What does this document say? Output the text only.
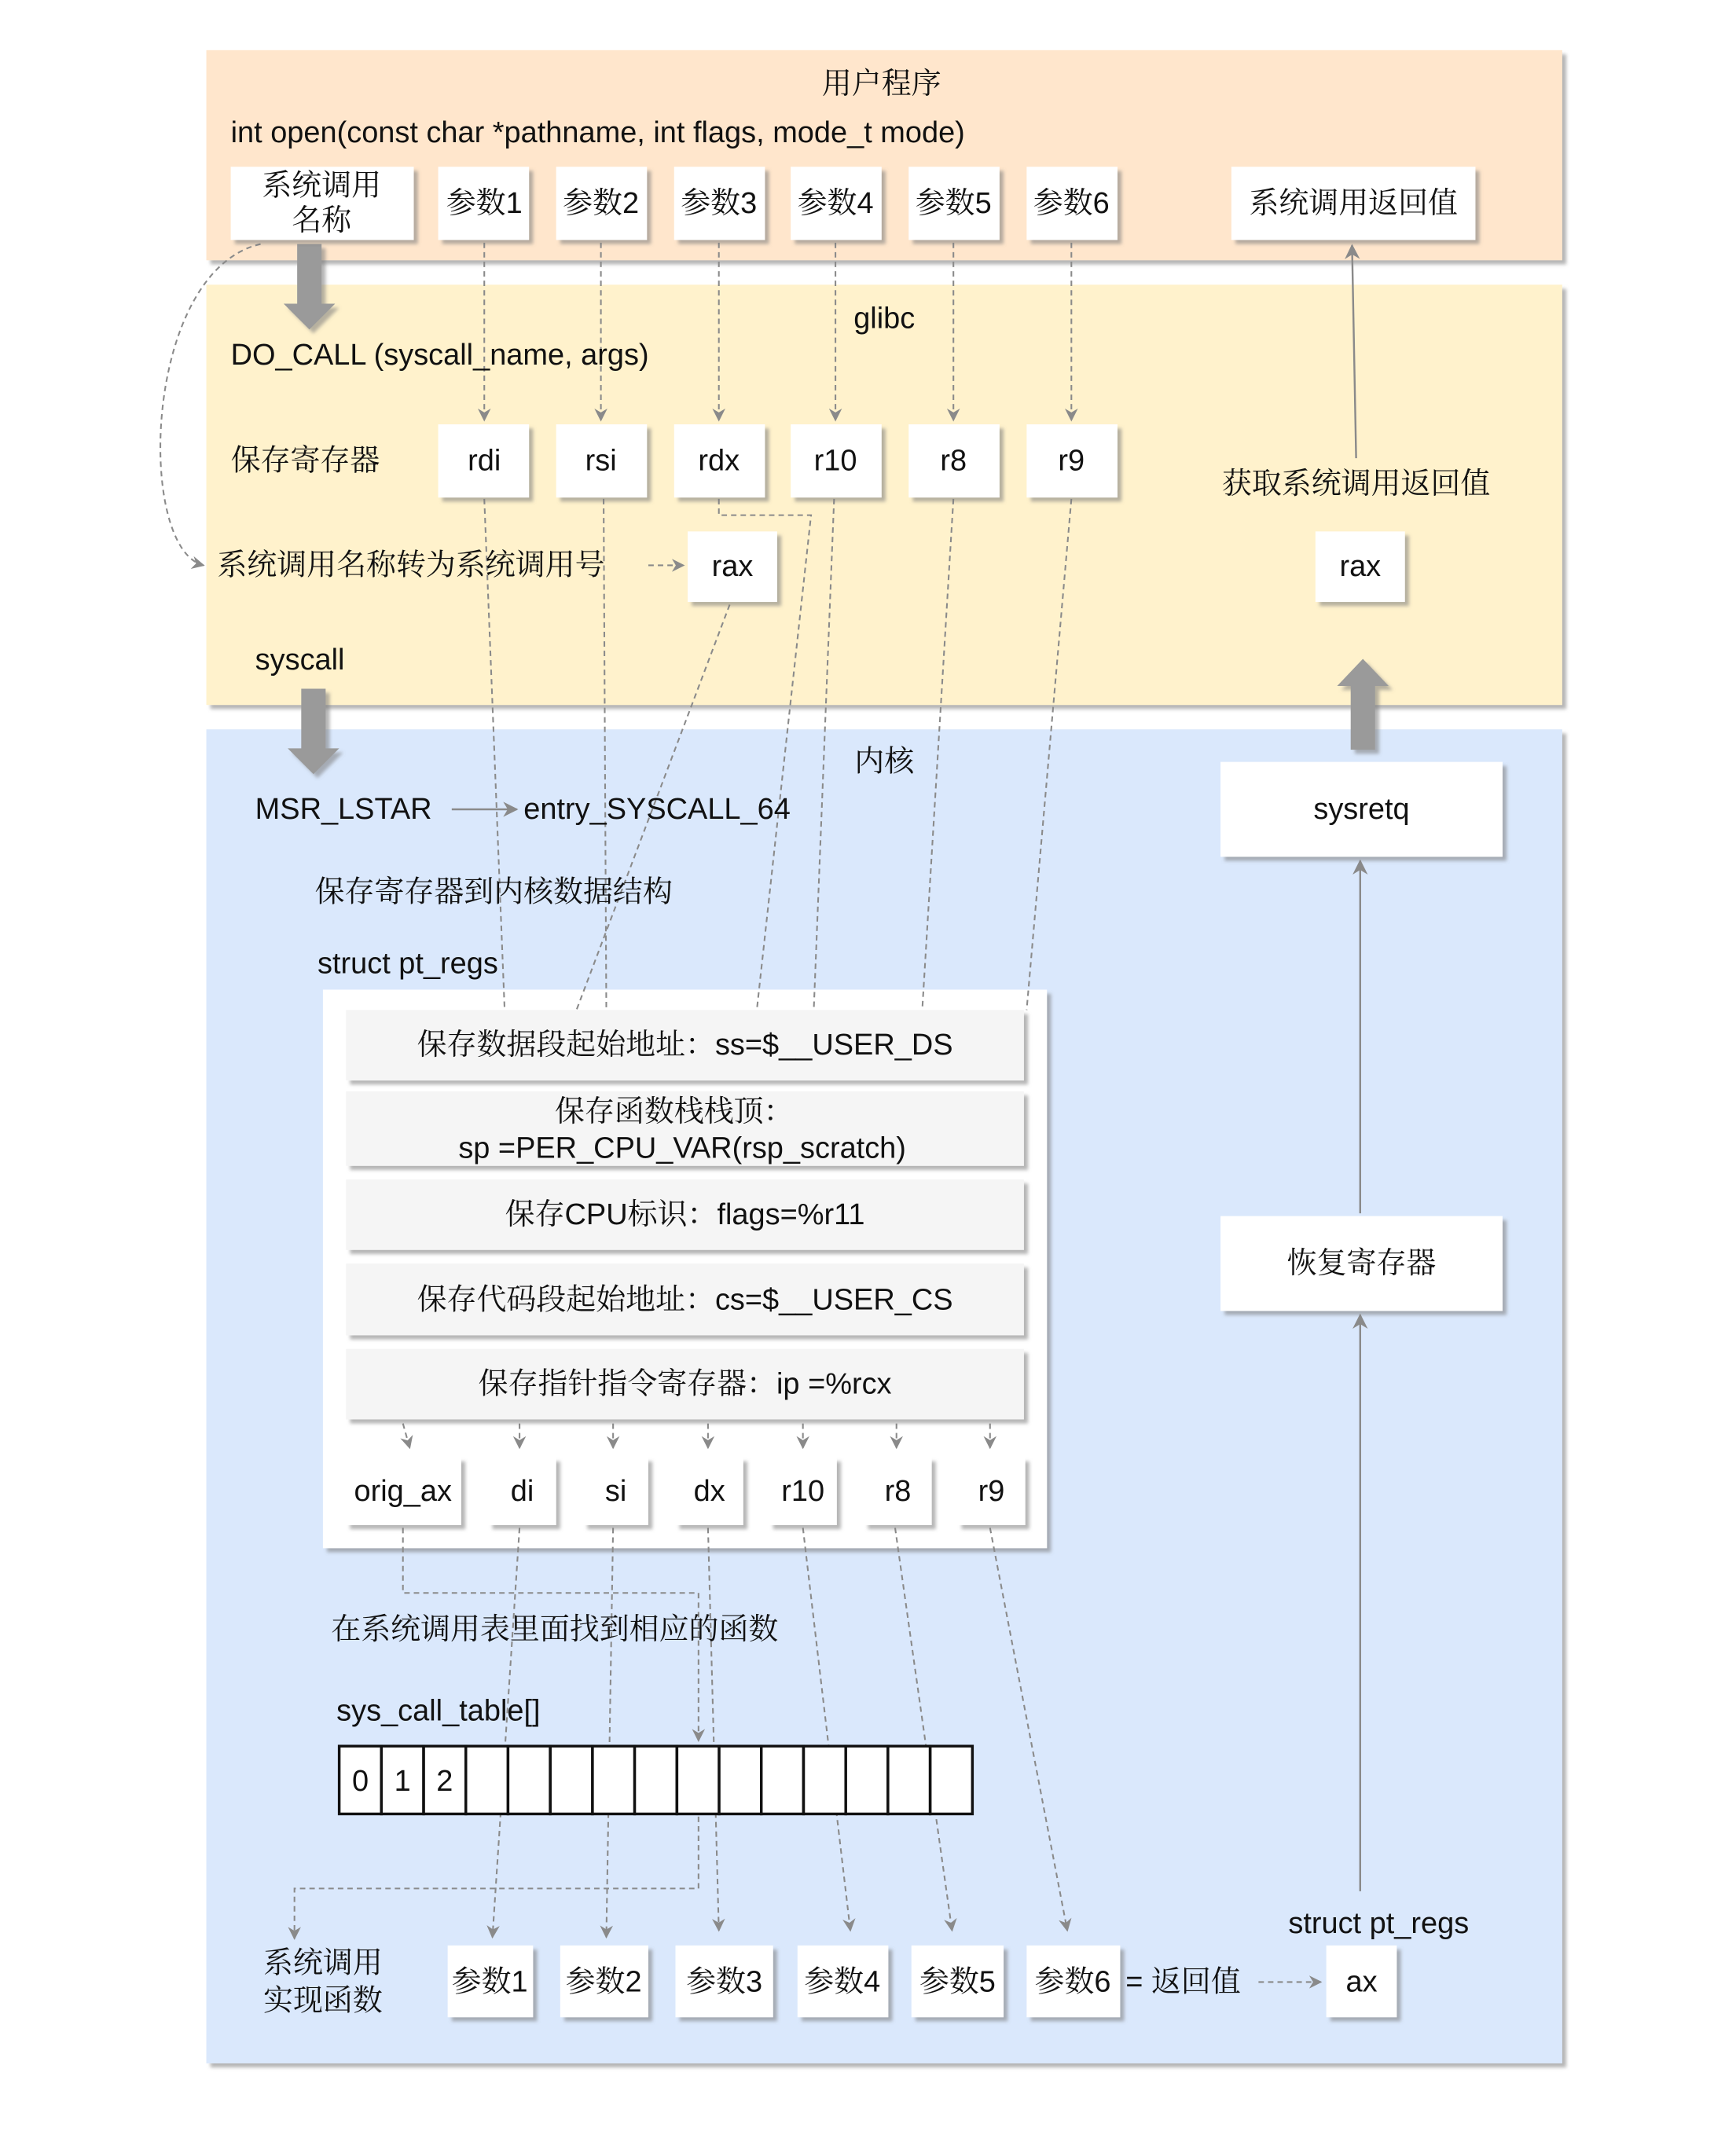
用户程序
int open(const char *pathname, int flags, mode_t mode)
系统调用
名称
参数1 参数2 参数3 参数4 参数5 参数6	系统调用返回值
glibc
DO_CALL (syscall_name, args)
保存寄存器	rdi	rsi	rdx	r10	r8	r9
获取系统调用返回值
系统调用名称转为系统调用号	rax	rax
syscall
内核
MSR_LSTAR	entry_SYSCALL_64
保存寄存器到内核数据结构
struct pt_regs
sysretq
恢复寄存器
保存数据段起始地址：ss=$__USER_DS
保存函数栈栈顶：
sp =PER_CPU_VAR(rsp_scratch)
保存CPU标识：flags=%r11
保存代码段起始地址：cs=$__USER_CS
保存指针指令寄存器：ip =%rcx
orig_ax	di	si	dx	r10	r8	r9
在系统调用表里面找到相应的函数
sys_call_table[]
0 1 2
系统调用
实现函数
参数1 参数2	参数3 参数4 参数5 参数6 = 返回值
struct pt_regs
ax
